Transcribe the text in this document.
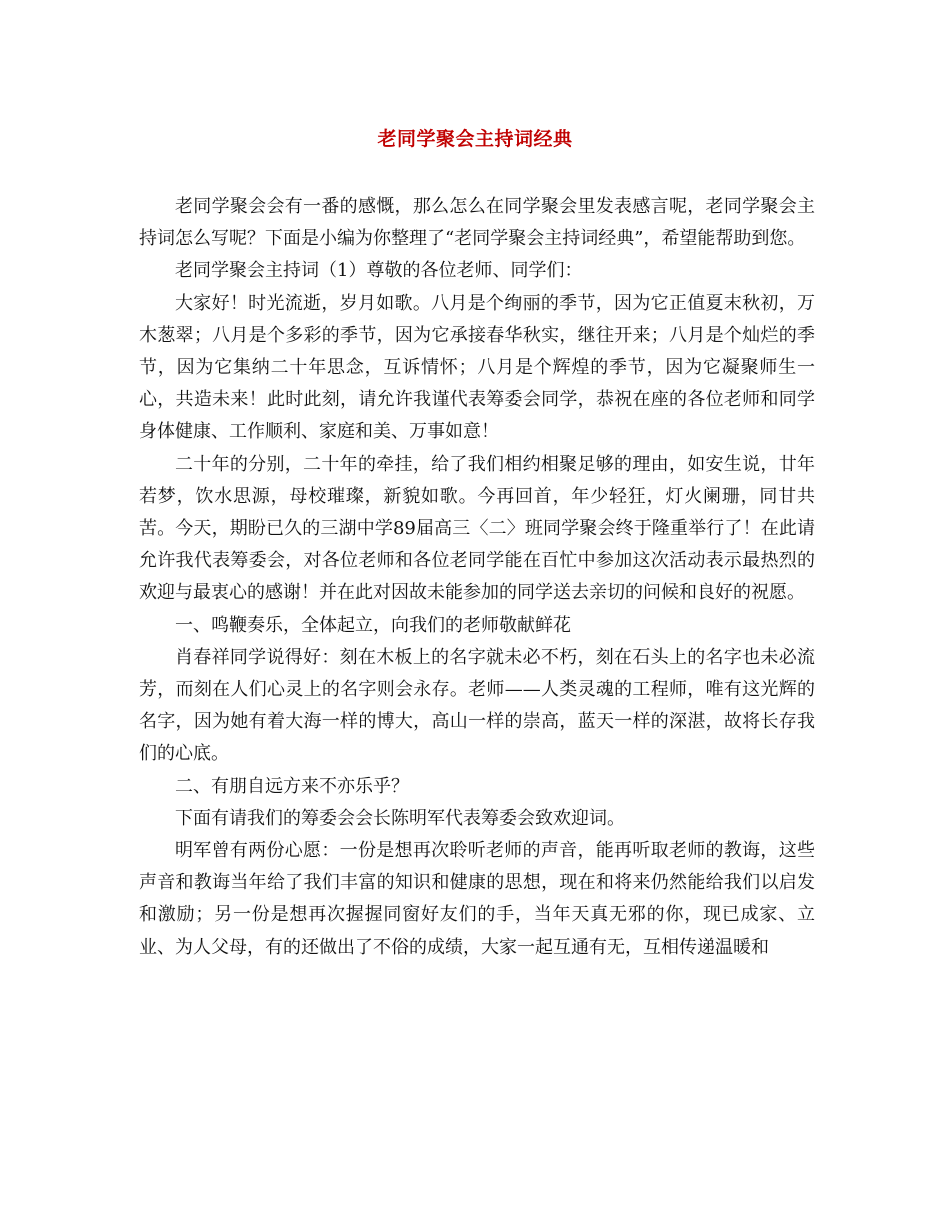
老同学聚会主持词经典

老同学聚会会有一番的感慨，那么怎么在同学聚会里发表感言呢，老同学聚会主持词怎么写呢？下面是小编为你整理了“老同学聚会主持词经典”，希望能帮助到您。

老同学聚会主持词（1）尊敬的各位老师、同学们：

大家好！时光流逝，岁月如歌。八月是个绚丽的季节，因为它正值夏末秋初，万木葱翠；八月是个多彩的季节，因为它承接春华秋实，继往开来；八月是个灿烂的季节，因为它集纳二十年思念，互诉情怀；八月是个辉煌的季节，因为它凝聚师生一心，共造未来！此时此刻，请允许我谨代表筹委会同学，恭祝在座的各位老师和同学身体健康、工作顺利、家庭和美、万事如意！

二十年的分别，二十年的牵挂，给了我们相约相聚足够的理由，如安生说，廿年若梦，饮水思源，母校璀璨，新貌如歌。今再回首，年少轻狂，灯火阑珊，同甘共苦。今天，期盼已久的三湖中学89届高三〈二〉班同学聚会终于隆重举行了！在此请允许我代表筹委会，对各位老师和各位老同学能在百忙中参加这次活动表示最热烈的欢迎与最衷心的感谢！并在此对因故未能参加的同学送去亲切的问候和良好的祝愿。

一、鸣鞭奏乐，全体起立，向我们的老师敬献鲜花

肖春祥同学说得好：刻在木板上的名字就未必不朽，刻在石头上的名字也未必流芳，而刻在人们心灵上的名字则会永存。老师——人类灵魂的工程师，唯有这光辉的名字，因为她有着大海一样的博大，高山一样的崇高，蓝天一样的深湛，故将长存我们的心底。

二、有朋自远方来不亦乐乎？

下面有请我们的筹委会会长陈明军代表筹委会致欢迎词。

明军曾有两份心愿：一份是想再次聆听老师的声音，能再听取老师的教诲，这些声音和教诲当年给了我们丰富的知识和健康的思想，现在和将来仍然能给我们以启发和激励；另一份是想再次握握同窗好友们的手，当年天真无邪的你，现已成家、立业、为人父母，有的还做出了不俗的成绩，大家一起互通有无，互相传递温暖和
